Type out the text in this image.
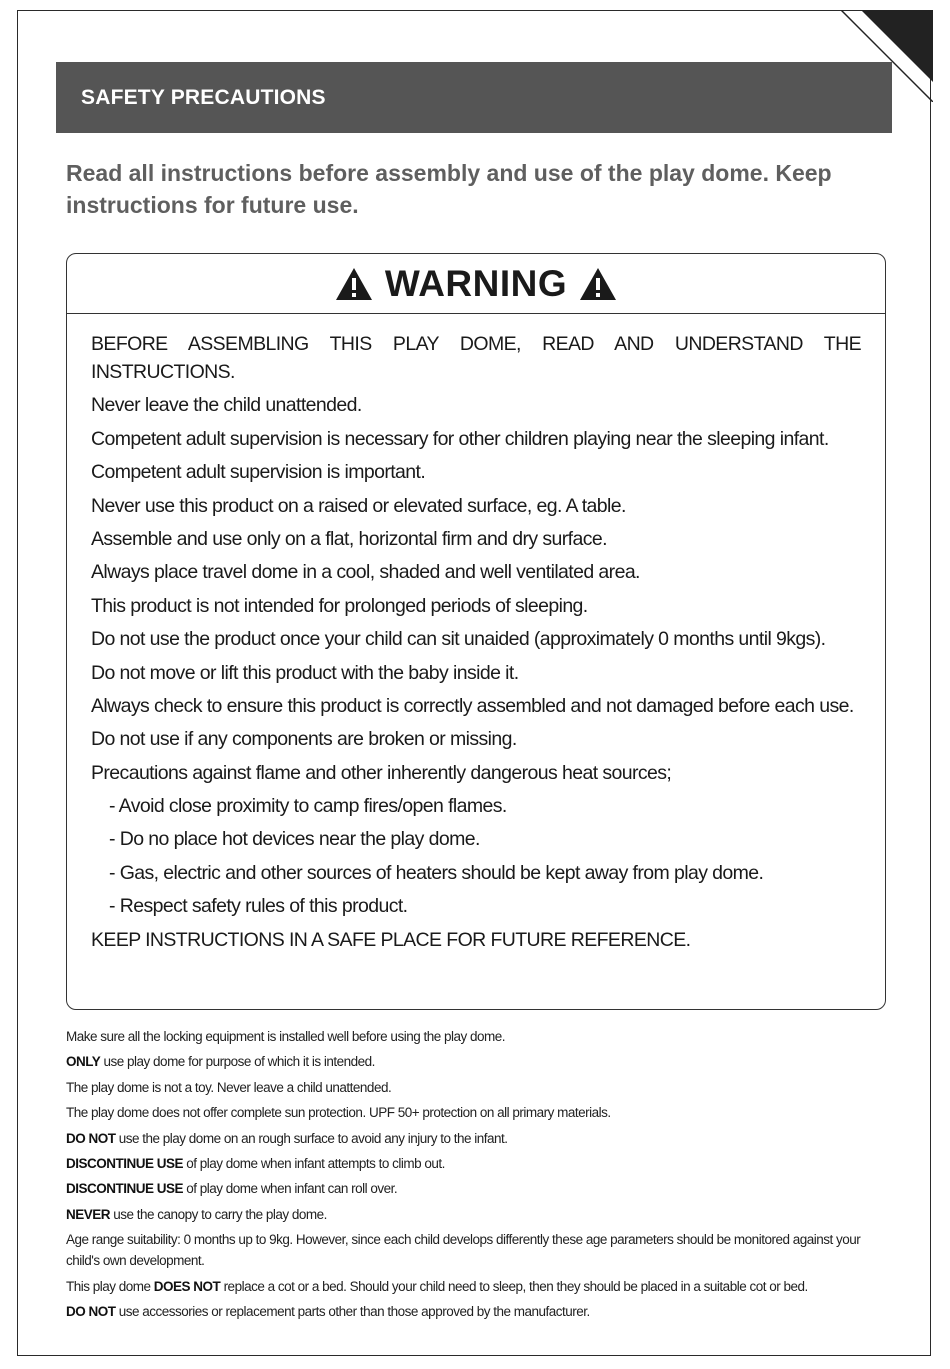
SAFETY PRECAUTIONS
Read all instructions before assembly and use of the play dome. Keep instructions for future use.
WARNING
BEFORE ASSEMBLING THIS PLAY DOME, READ AND UNDERSTAND THE INSTRUCTIONS.
Never leave the child unattended.
Competent adult supervision is necessary for other children playing near the sleeping infant.
Competent adult supervision is important.
Never use this product on a raised or elevated surface, eg. A table.
Assemble and use only on a flat, horizontal firm and dry surface.
Always place travel dome in a cool, shaded and well ventilated area.
This product is not intended for prolonged periods of sleeping.
Do not use the product once your child can sit unaided (approximately 0 months until 9kgs).
Do not move or lift this product with the baby inside it.
Always check to ensure this product is correctly assembled and not damaged before each use.
Do not use if any components are broken or missing.
Precautions against flame and other inherently dangerous heat sources;
- Avoid close proximity to camp fires/open flames.
- Do no place hot devices near the play dome.
- Gas, electric and other sources of heaters should be kept away from play dome.
- Respect safety rules of this product.
KEEP INSTRUCTIONS IN A SAFE PLACE FOR FUTURE REFERENCE.
Make sure all the locking equipment is installed well before using the play dome.
ONLY use play dome for purpose of which it is intended.
The play dome is not a toy. Never leave a child unattended.
The play dome does not offer complete sun protection. UPF 50+ protection on all primary materials.
DO NOT use the play dome on an rough surface to avoid any injury to the infant.
DISCONTINUE USE of play dome when infant attempts to climb out.
DISCONTINUE USE of play dome when infant can roll over.
NEVER use the canopy to carry the play dome.
Age range suitability: 0 months up to 9kg. However, since each child develops differently these age parameters should be monitored against your child's own development.
This play dome DOES NOT replace a cot or a bed. Should your child need to sleep, then they should be placed in a suitable cot or bed.
DO NOT use accessories or replacement parts other than those approved by the manufacturer.
